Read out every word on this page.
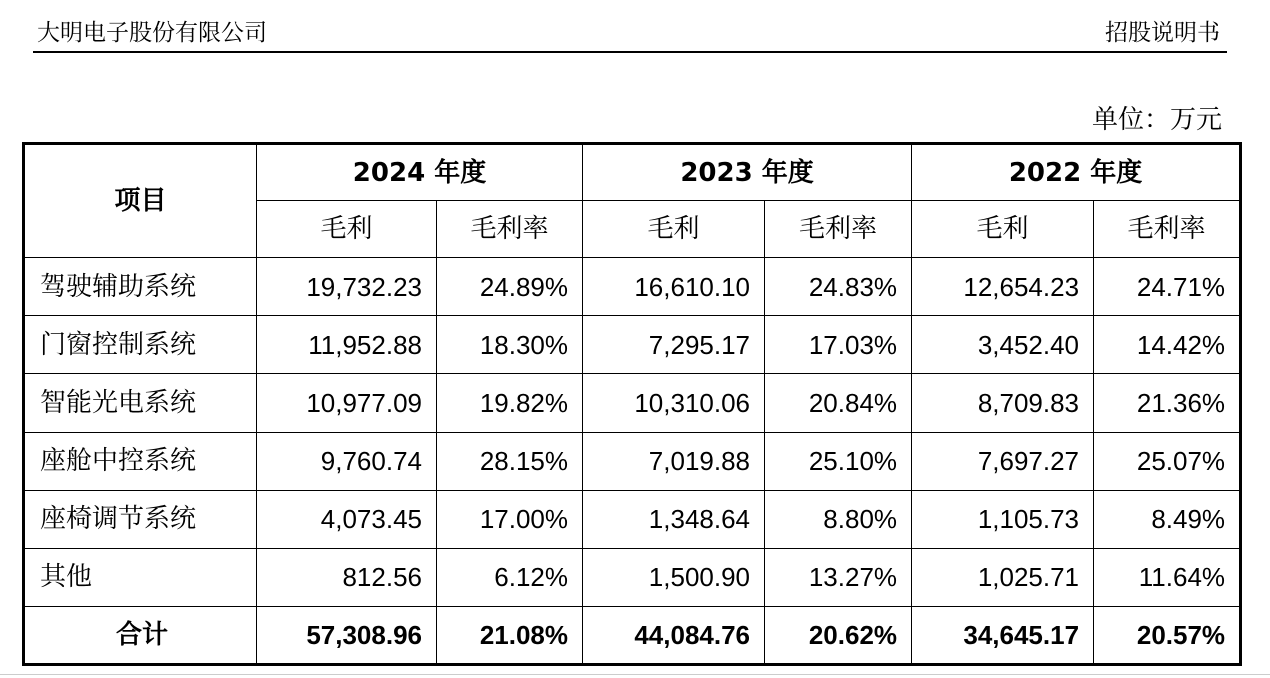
大明电子股份有限公司	招股说明书
单位：万元
项目	2024 年度		2023 年度		2022 年度	
	毛利	毛利率	毛利	毛利率	毛利	毛利率
驾驶辅助系统	19,732.23	24.89%	16,610.10	24.83%	12,654.23	24.71%
门窗控制系统	11,952.88	18.30%	7,295.17	17.03%	3,452.40	14.42%
智能光电系统	10,977.09	19.82%	10,310.06	20.84%	8,709.83	21.36%
座舱中控系统	9,760.74	28.15%	7,019.88	25.10%	7,697.27	25.07%
座椅调节系统	4,073.45	17.00%	1,348.64	8.80%	1,105.73	8.49%
其他	812.56	6.12%	1,500.90	13.27%	1,025.71	11.64%
合计	57,308.96	21.08%	44,084.76	20.62%	34,645.17	20.57%
